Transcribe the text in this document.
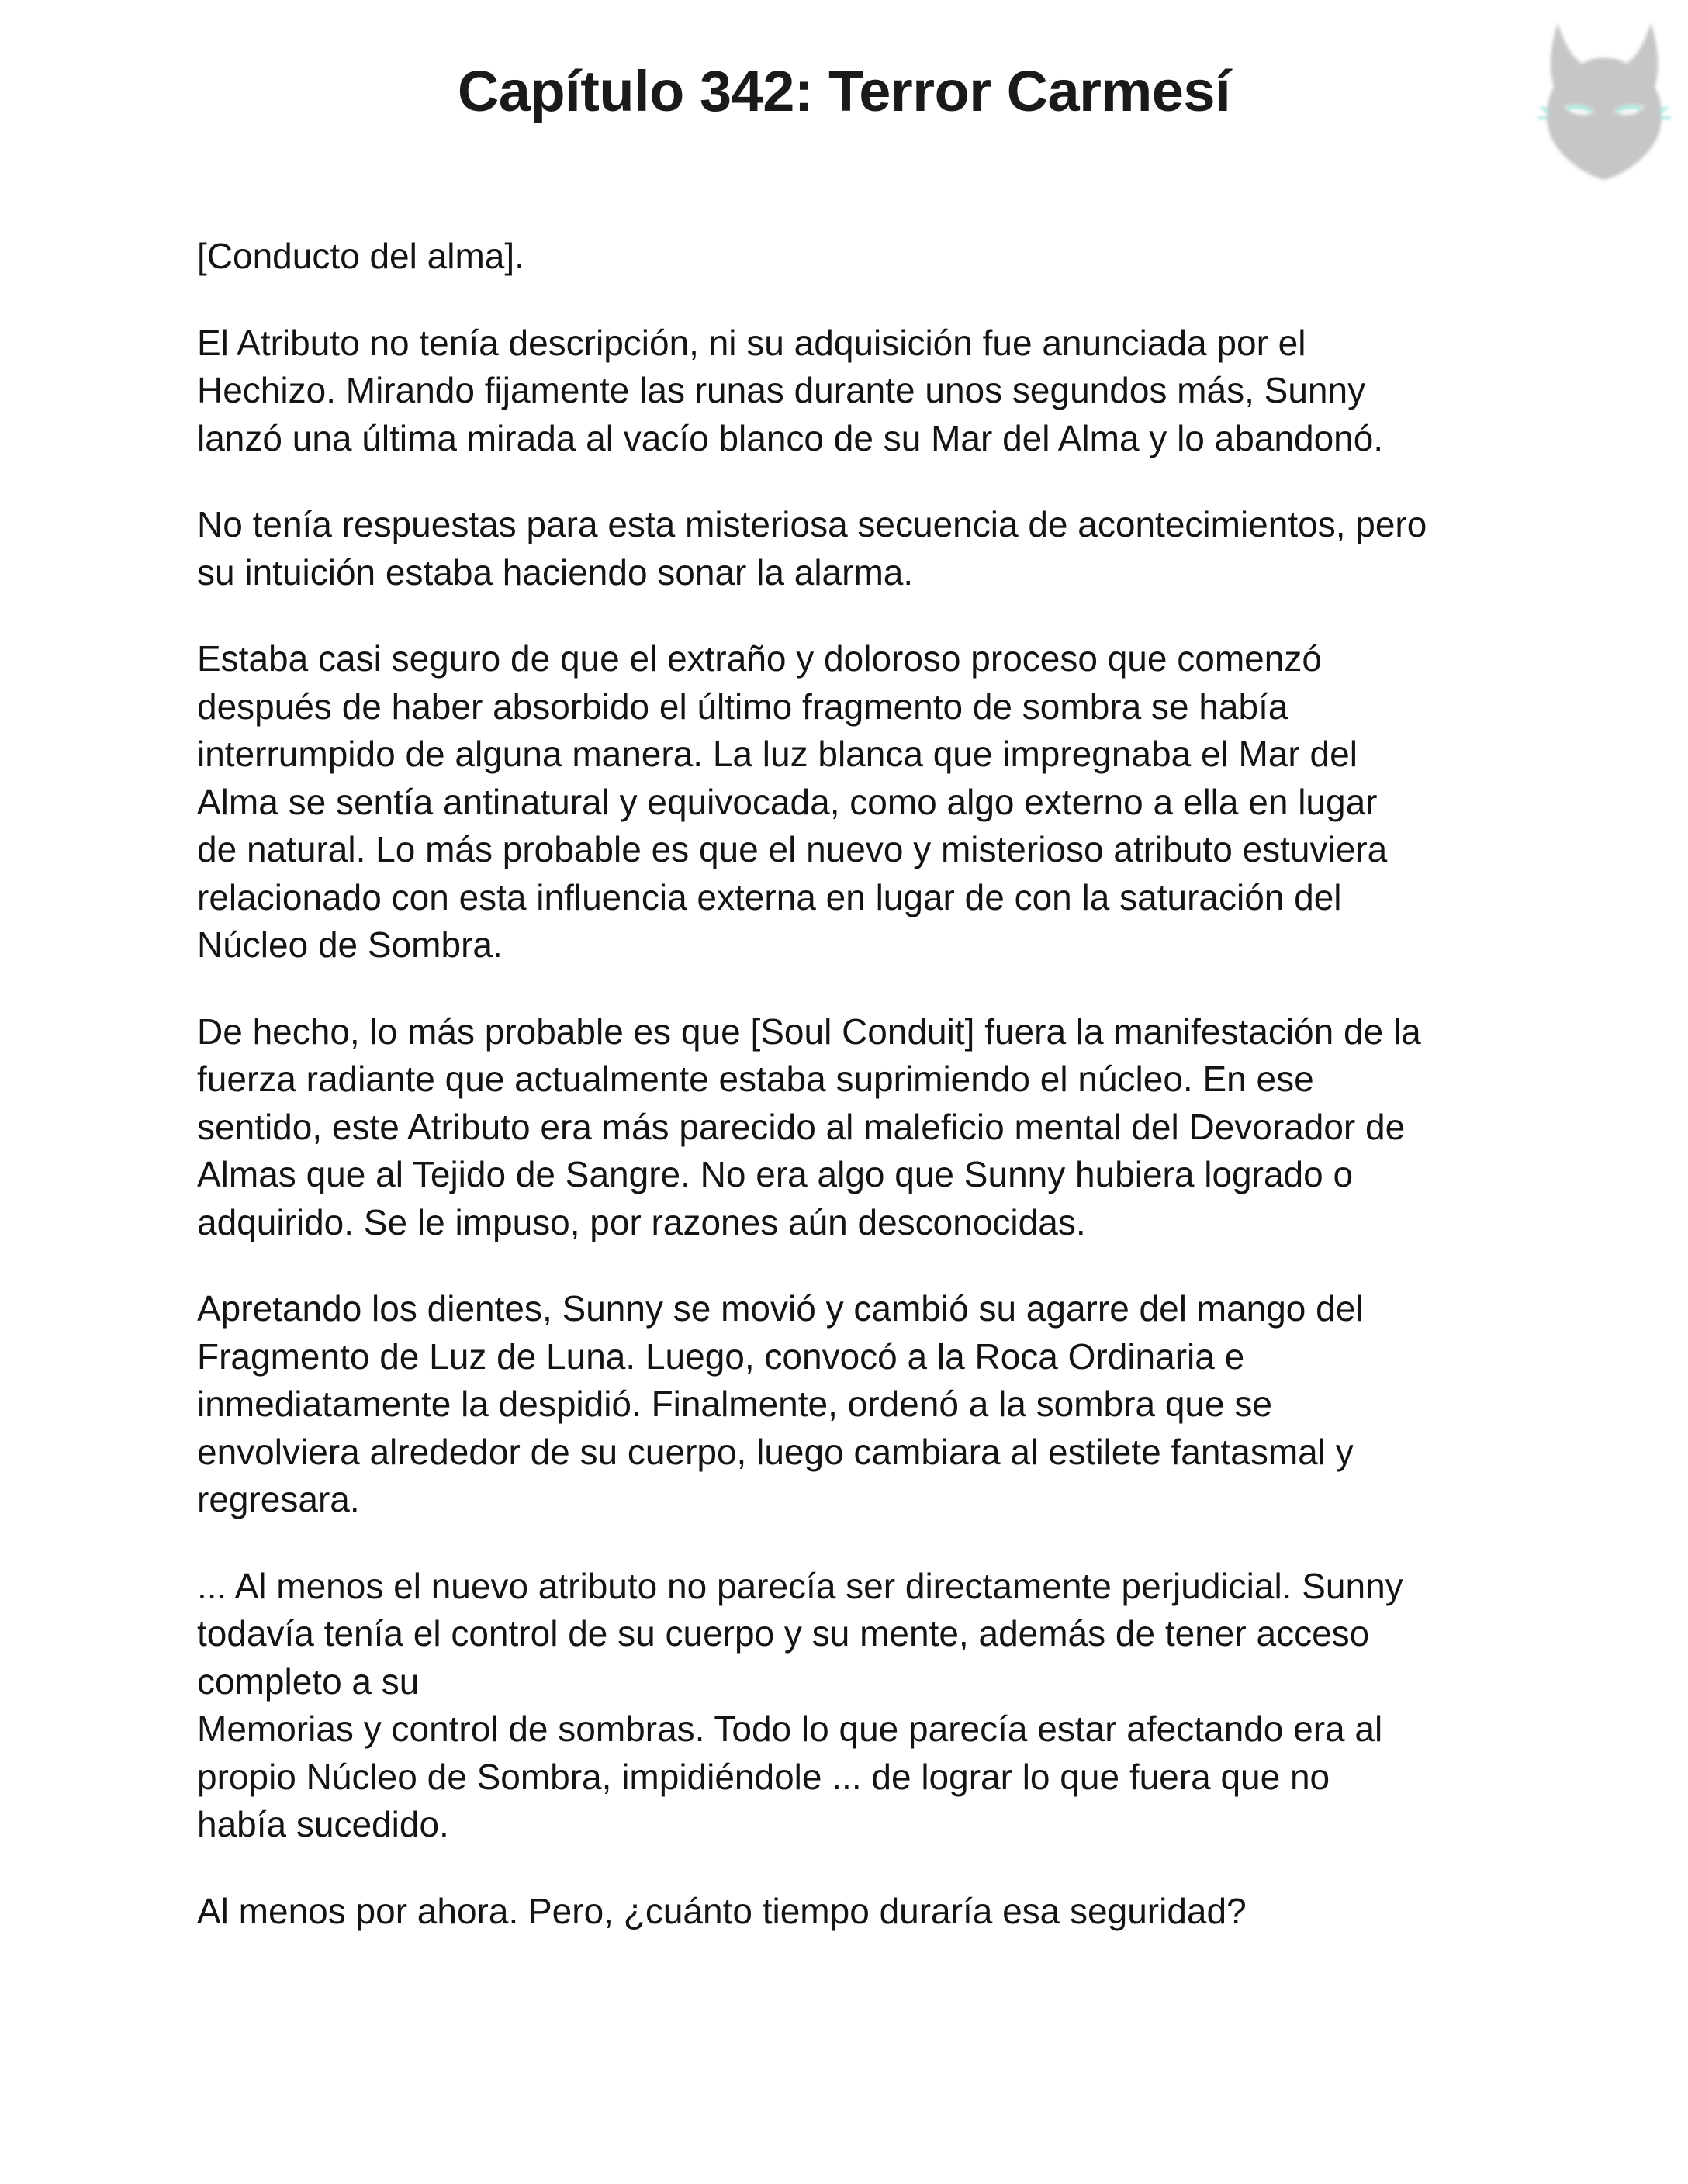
Capítulo 342: Terror Carmesí

[Conducto del alma].

El Atributo no tenía descripción, ni su adquisición fue anunciada por el
Hechizo. Mirando fijamente las runas durante unos segundos más, Sunny
lanzó una última mirada al vacío blanco de su Mar del Alma y lo abandonó.

No tenía respuestas para esta misteriosa secuencia de acontecimientos, pero
su intuición estaba haciendo sonar la alarma.

Estaba casi seguro de que el extraño y doloroso proceso que comenzó
después de haber absorbido el último fragmento de sombra se había
interrumpido de alguna manera. La luz blanca que impregnaba el Mar del
Alma se sentía antinatural y equivocada, como algo externo a ella en lugar
de natural. Lo más probable es que el nuevo y misterioso atributo estuviera
relacionado con esta influencia externa en lugar de con la saturación del
Núcleo de Sombra.

De hecho, lo más probable es que [Soul Conduit] fuera la manifestación de la
fuerza radiante que actualmente estaba suprimiendo el núcleo. En ese
sentido, este Atributo era más parecido al maleficio mental del Devorador de
Almas que al Tejido de Sangre. No era algo que Sunny hubiera logrado o
adquirido. Se le impuso, por razones aún desconocidas.

Apretando los dientes, Sunny se movió y cambió su agarre del mango del
Fragmento de Luz de Luna. Luego, convocó a la Roca Ordinaria e
inmediatamente la despidió. Finalmente, ordenó a la sombra que se
envolviera alrededor de su cuerpo, luego cambiara al estilete fantasmal y
regresara.

... Al menos el nuevo atributo no parecía ser directamente perjudicial. Sunny
todavía tenía el control de su cuerpo y su mente, además de tener acceso
completo a su
Memorias y control de sombras. Todo lo que parecía estar afectando era al
propio Núcleo de Sombra, impidiéndole ... de lograr lo que fuera que no
había sucedido.

Al menos por ahora. Pero, ¿cuánto tiempo duraría esa seguridad?
